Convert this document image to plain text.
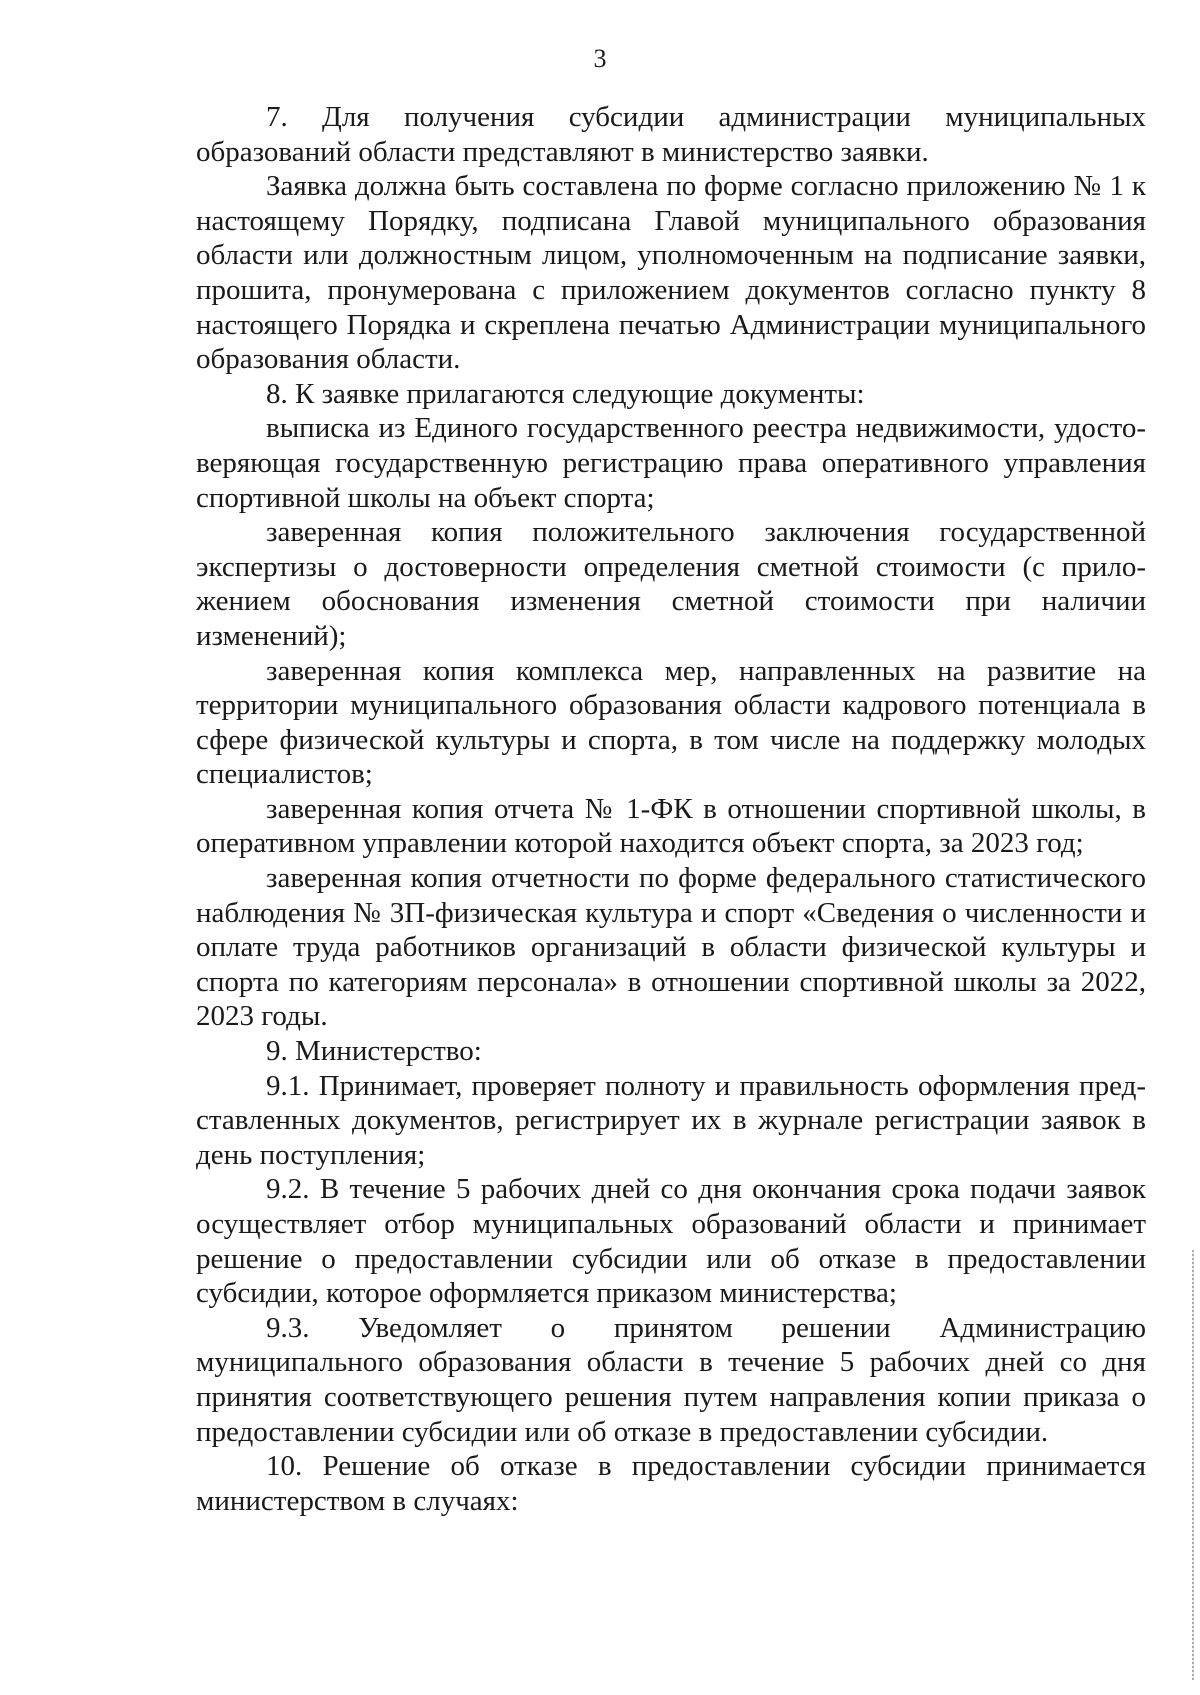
3

7. Для получения субсидии администрации муниципальных образований области представляют в министерство заявки.

Заявка должна быть составлена по форме согласно приложению № 1 к настоящему Порядку, подписана Главой муниципального образования области или должностным лицом, уполномоченным на подписание заявки, прошита, пронумерована с приложением документов согласно пункту 8 настоящего Порядка и скреплена печатью Администрации муниципального образования области.

8. К заявке прилагаются следующие документы:

выписка из Единого государственного реестра недвижимости, удостоверяющая государственную регистрацию права оперативного управления спортивной школы на объект спорта;

заверенная копия положительного заключения государственной экспертизы о достоверности определения сметной стоимости (с приложением обоснования изменения сметной стоимости при наличии изменений);

заверенная копия комплекса мер, направленных на развитие на территории муниципального образования области кадрового потенциала в сфере физической культуры и спорта, в том числе на поддержку молодых специалистов;

заверенная копия отчета № 1-ФК в отношении спортивной школы, в оперативном управлении которой находится объект спорта, за 2023 год;

заверенная копия отчетности по форме федерального статистического наблюдения № 3П-физическая культура и спорт «Сведения о численности и оплате труда работников организаций в области физической культуры и спорта по категориям персонала» в отношении спортивной школы за 2022, 2023 годы.

9. Министерство:

9.1. Принимает, проверяет полноту и правильность оформления представленных документов, регистрирует их в журнале регистрации заявок в день поступления;

9.2. В течение 5 рабочих дней со дня окончания срока подачи заявок осуществляет отбор муниципальных образований области и принимает решение о предоставлении субсидии или об отказе в предоставлении субсидии, которое оформляется приказом министерства;

9.3. Уведомляет о принятом решении Администрацию муниципального образования области в течение 5 рабочих дней со дня принятия соответствующего решения путем направления копии приказа о предоставлении субсидии или об отказе в предоставлении субсидии.

10. Решение об отказе в предоставлении субсидии принимается министерством в случаях:
